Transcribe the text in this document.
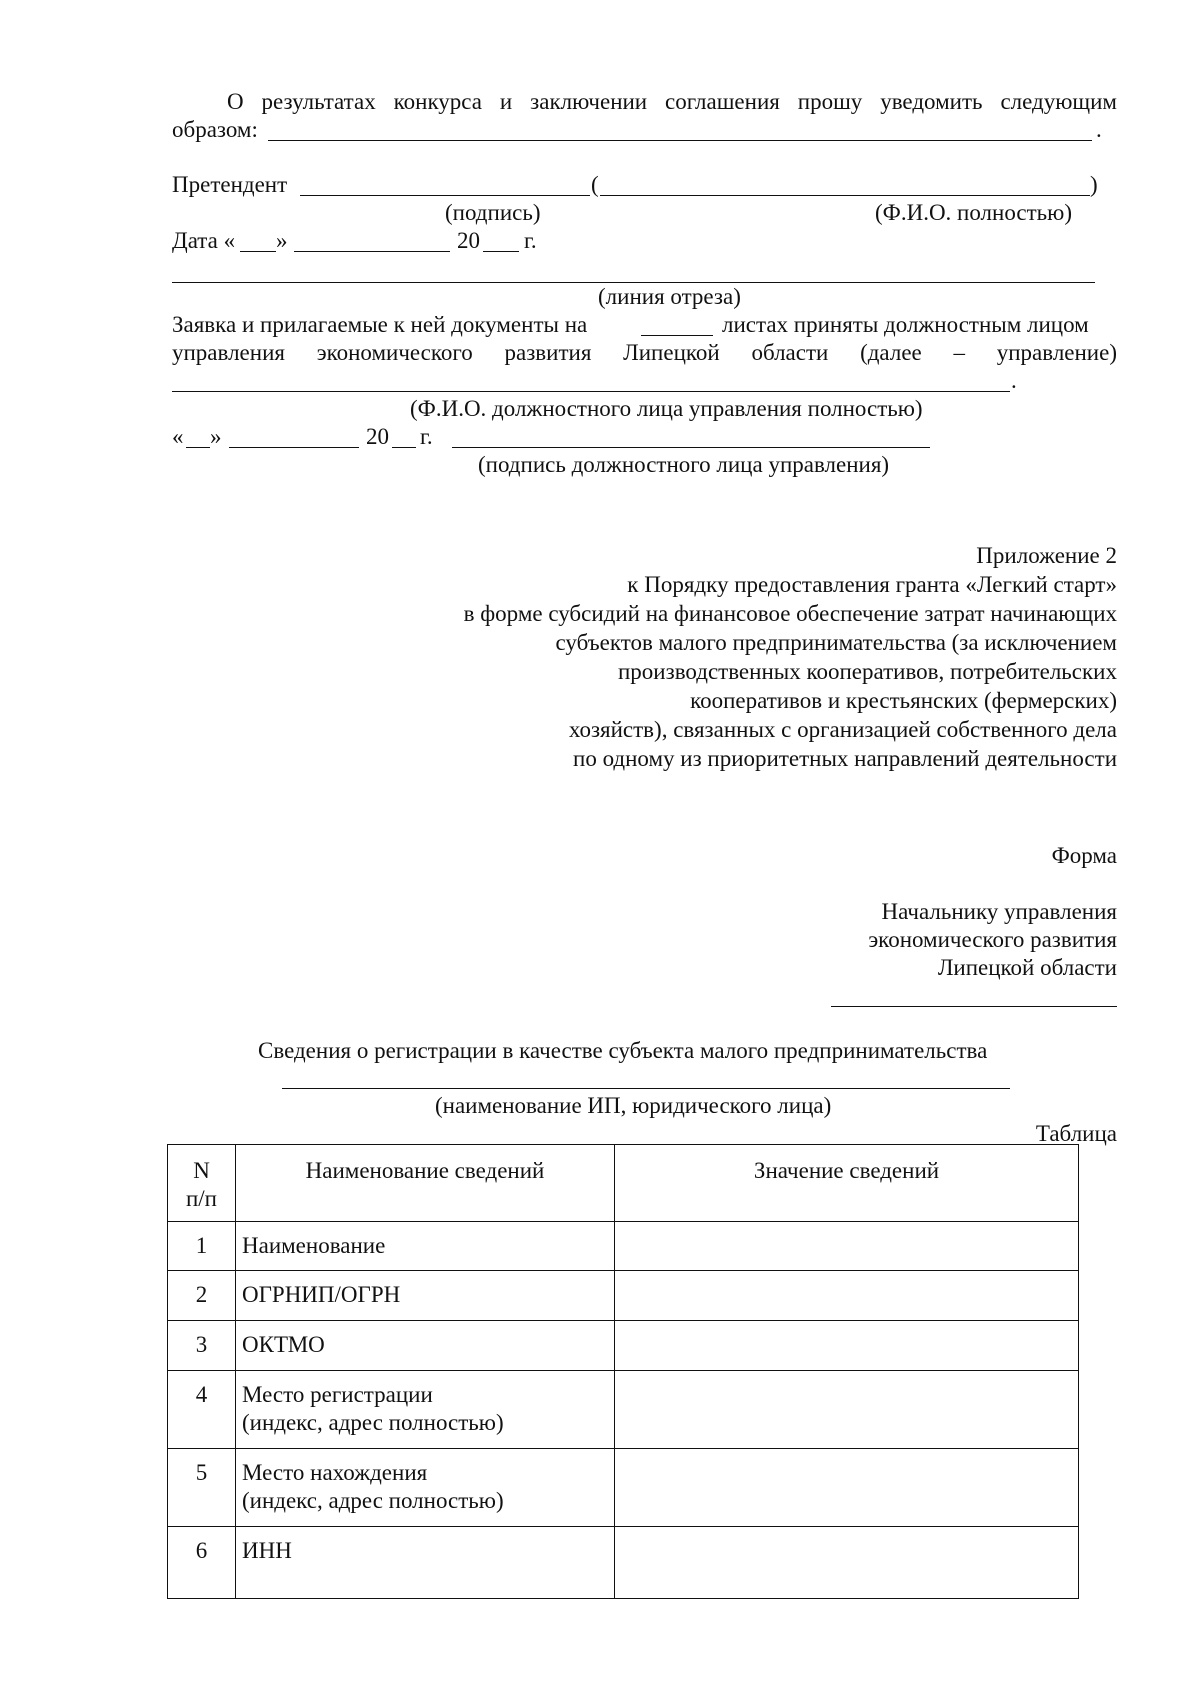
О результатах конкурса и заключении соглашения прошу уведомить следующим
образом:	.
Претендент	(	)
(подпись)	(Ф.И.О. полностью)
Дата « »	20 г.
(линия отреза)
Заявка и прилагаемые к ней документы на	листах приняты должностным лицом
управления экономического развития Липецкой области (далее – управление)
.
(Ф.И.О. должностного лица управления полностью)
« »	20 г.
(подпись должностного лица управления)
Приложение 2
к Порядку предоставления гранта «Легкий старт»
в форме субсидий на финансовое обеспечение затрат начинающих
субъектов малого предпринимательства (за исключением
производственных кооперативов, потребительских
кооперативов и крестьянских (фермерских)
хозяйств), связанных с организацией собственного дела
по одному из приоритетных направлений деятельности
Форма
Начальнику управления
экономического развития
Липецкой области
Сведения о регистрации в качестве субъекта малого предпринимательства
(наименование ИП, юридического лица)
Таблица
N
п/п	Наименование сведений	Значение сведений
1	Наименование	
2	ОГРНИП/ОГРН	
3	ОКТМО	
4	Место регистрации
(индекс, адрес полностью)	
5	Место нахождения
(индекс, адрес полностью)	
6	ИНН	
